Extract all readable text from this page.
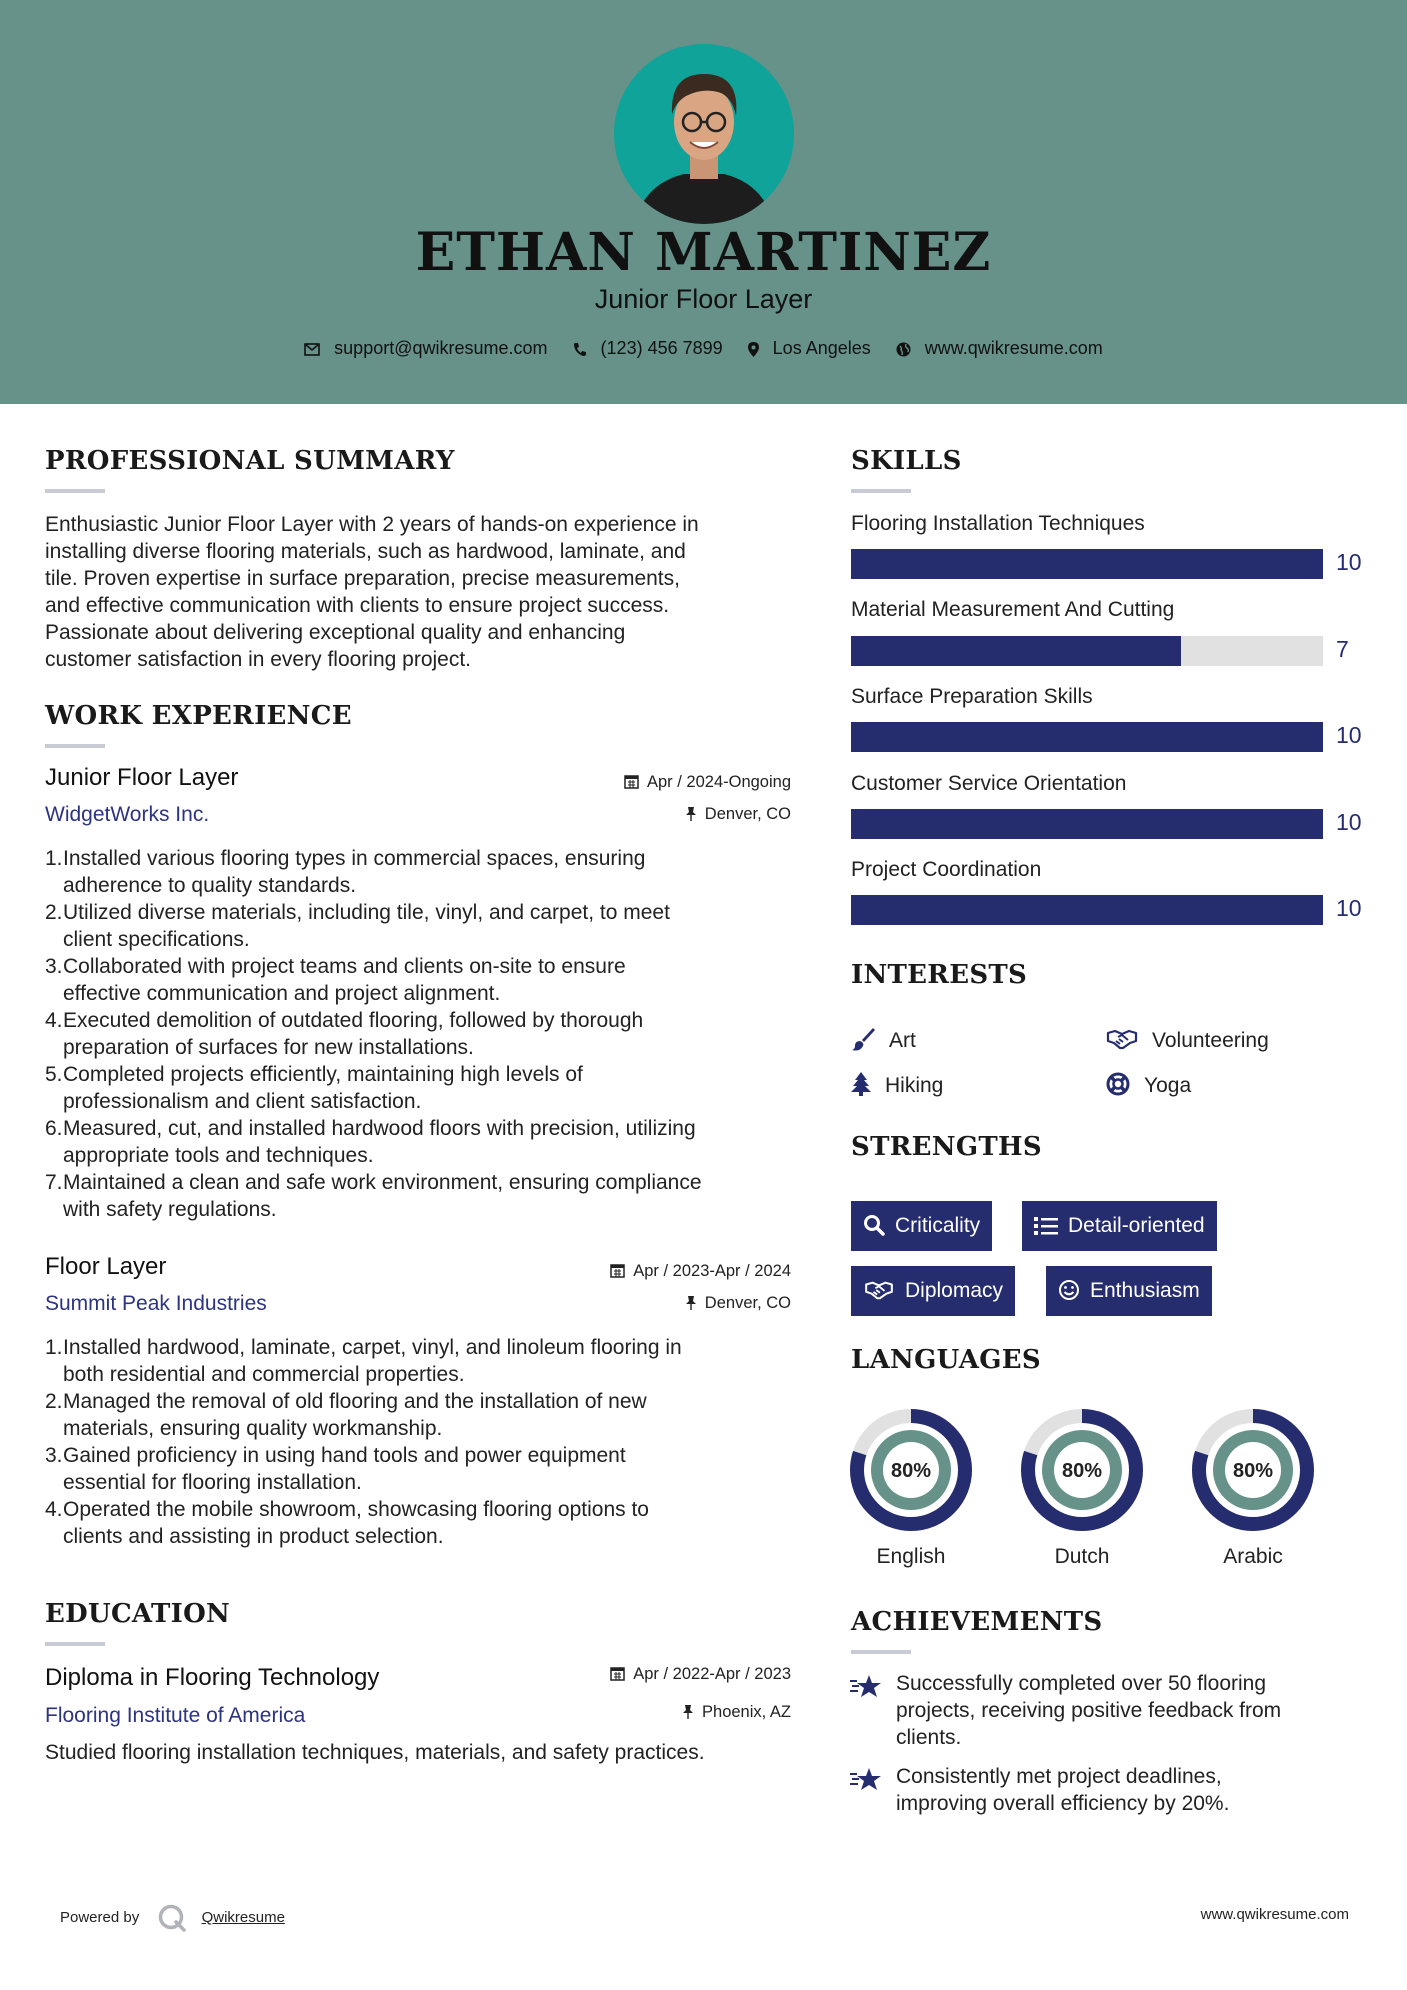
ETHAN MARTINEZ
Junior Floor Layer
support@qwikresume.com	(123) 456 7899	Los Angeles	www.qwikresume.com
PROFESSIONAL SUMMARY
Enthusiastic Junior Floor Layer with 2 years of hands-on experience in
installing diverse flooring materials, such as hardwood, laminate, and
tile. Proven expertise in surface preparation, precise measurements,
and effective communication with clients to ensure project success.
Passionate about delivering exceptional quality and enhancing
customer satisfaction in every flooring project.
WORK EXPERIENCE
Junior Floor Layer
WidgetWorks Inc.
Apr / 2024-Ongoing
Denver, CO
1. Installed various flooring types in commercial spaces, ensuring
adherence to quality standards.
2. Utilized diverse materials, including tile, vinyl, and carpet, to meet
client specifications.
3. Collaborated with project teams and clients on-site to ensure
effective communication and project alignment.
4. Executed demolition of outdated flooring, followed by thorough
preparation of surfaces for new installations.
5. Completed projects efficiently, maintaining high levels of
professionalism and client satisfaction.
6. Measured, cut, and installed hardwood floors with precision, utilizing
appropriate tools and techniques.
7. Maintained a clean and safe work environment, ensuring compliance
with safety regulations.
Floor Layer
Summit Peak Industries
Apr / 2023-Apr / 2024
Denver, CO
1. Installed hardwood, laminate, carpet, vinyl, and linoleum flooring in
both residential and commercial properties.
2. Managed the removal of old flooring and the installation of new
materials, ensuring quality workmanship.
3. Gained proficiency in using hand tools and power equipment
essential for flooring installation.
4. Operated the mobile showroom, showcasing flooring options to
clients and assisting in product selection.
EDUCATION
Diploma in Flooring Technology
Flooring Institute of America
Apr / 2022-Apr / 2023
Phoenix, AZ
Studied flooring installation techniques, materials, and safety practices.
SKILLS
Flooring Installation Techniques
10
Material Measurement And Cutting
7
Surface Preparation Skills
10
Customer Service Orientation
10
Project Coordination
10
INTERESTS
Art	Volunteering
Hiking	Yoga
STRENGTHS
Criticality	Detail-oriented
Diplomacy	Enthusiasm
LANGUAGES
80%
English
80%
Dutch
80%
Arabic
ACHIEVEMENTS
Successfully completed over 50 flooring
projects, receiving positive feedback from
clients.
Consistently met project deadlines,
improving overall efficiency by 20%.
Powered by	Qwikresume	www.qwikresume.com
